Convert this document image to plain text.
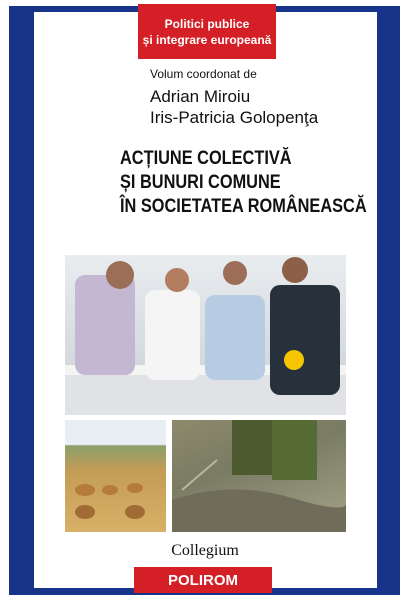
Politici publice
și integrare europeană
Volum coordonat de
Adrian Miroiu
Iris-Patricia Golopenţa
ACȚIUNE COLECTIVĂ
ȘI BUNURI COMUNE
ÎN SOCIETATEA ROMÂNEASCĂ
Collegium
POLIROM
